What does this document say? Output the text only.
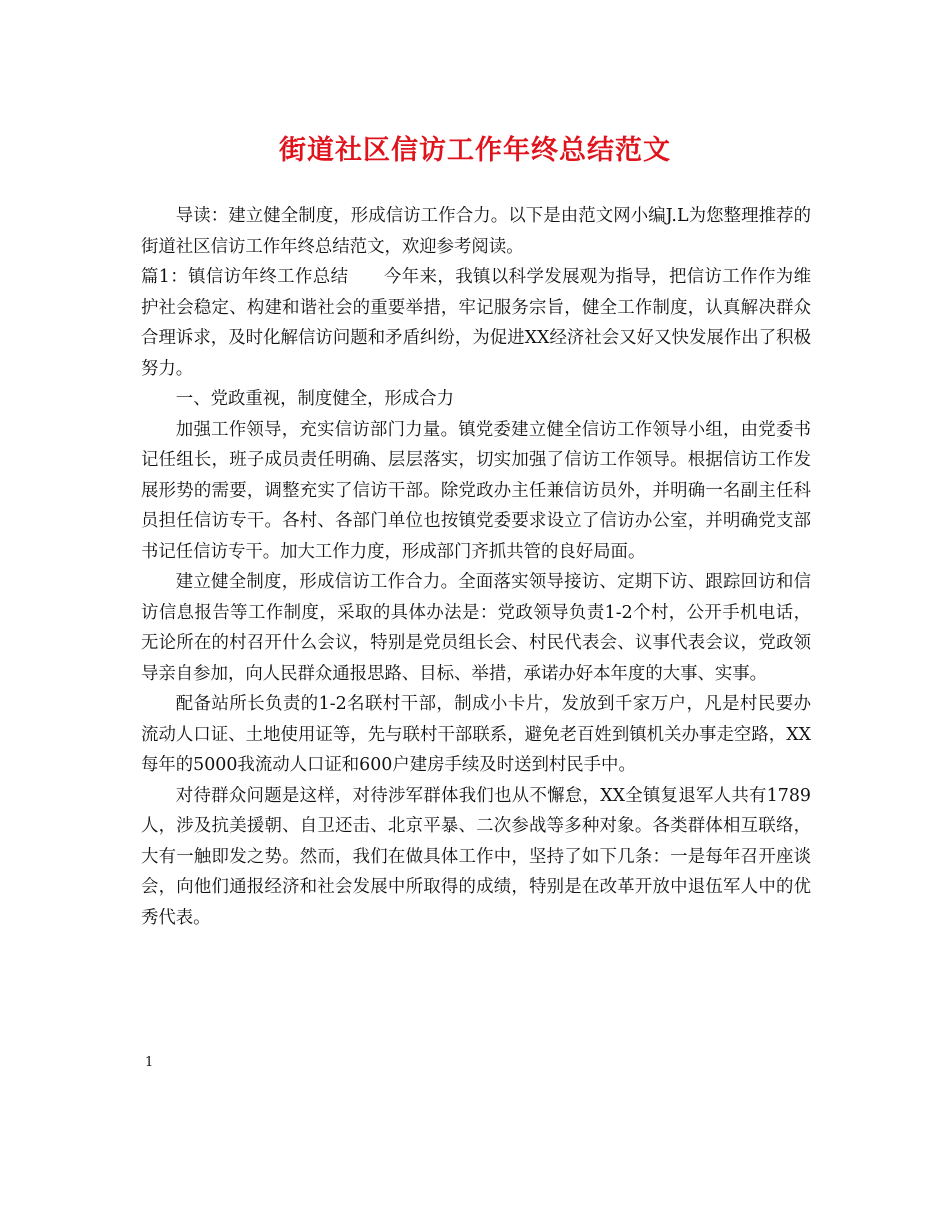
街道社区信访工作年终总结范文

导读：建立健全制度，形成信访工作合力。以下是由范文网小编J.L为您整理推荐的街道社区信访工作年终总结范文，欢迎参考阅读。

篇1：镇信访年终工作总结　　今年来，我镇以科学发展观为指导，把信访工作作为维护社会稳定、构建和谐社会的重要举措，牢记服务宗旨，健全工作制度，认真解决群众合理诉求，及时化解信访问题和矛盾纠纷，为促进XX经济社会又好又快发展作出了积极努力。

一、党政重视，制度健全，形成合力

加强工作领导，充实信访部门力量。镇党委建立健全信访工作领导小组，由党委书记任组长，班子成员责任明确、层层落实，切实加强了信访工作领导。根据信访工作发展形势的需要，调整充实了信访干部。除党政办主任兼信访员外，并明确一名副主任科员担任信访专干。各村、各部门单位也按镇党委要求设立了信访办公室，并明确党支部书记任信访专干。加大工作力度，形成部门齐抓共管的良好局面。

建立健全制度，形成信访工作合力。全面落实领导接访、定期下访、跟踪回访和信访信息报告等工作制度，采取的具体办法是：党政领导负责1-2个村，公开手机电话，无论所在的村召开什么会议，特别是党员组长会、村民代表会、议事代表会议，党政领导亲自参加，向人民群众通报思路、目标、举措，承诺办好本年度的大事、实事。

配备站所长负责的1-2名联村干部，制成小卡片，发放到千家万户，凡是村民要办流动人口证、土地使用证等，先与联村干部联系，避免老百姓到镇机关办事走空路，XX每年的5000我流动人口证和600户建房手续及时送到村民手中。

对待群众问题是这样，对待涉军群体我们也从不懈怠，XX全镇复退军人共有1789人，涉及抗美援朝、自卫还击、北京平暴、二次参战等多种对象。各类群体相互联络，大有一触即发之势。然而，我们在做具体工作中，坚持了如下几条：一是每年召开座谈会，向他们通报经济和社会发展中所取得的成绩，特别是在改革开放中退伍军人中的优秀代表。

1
